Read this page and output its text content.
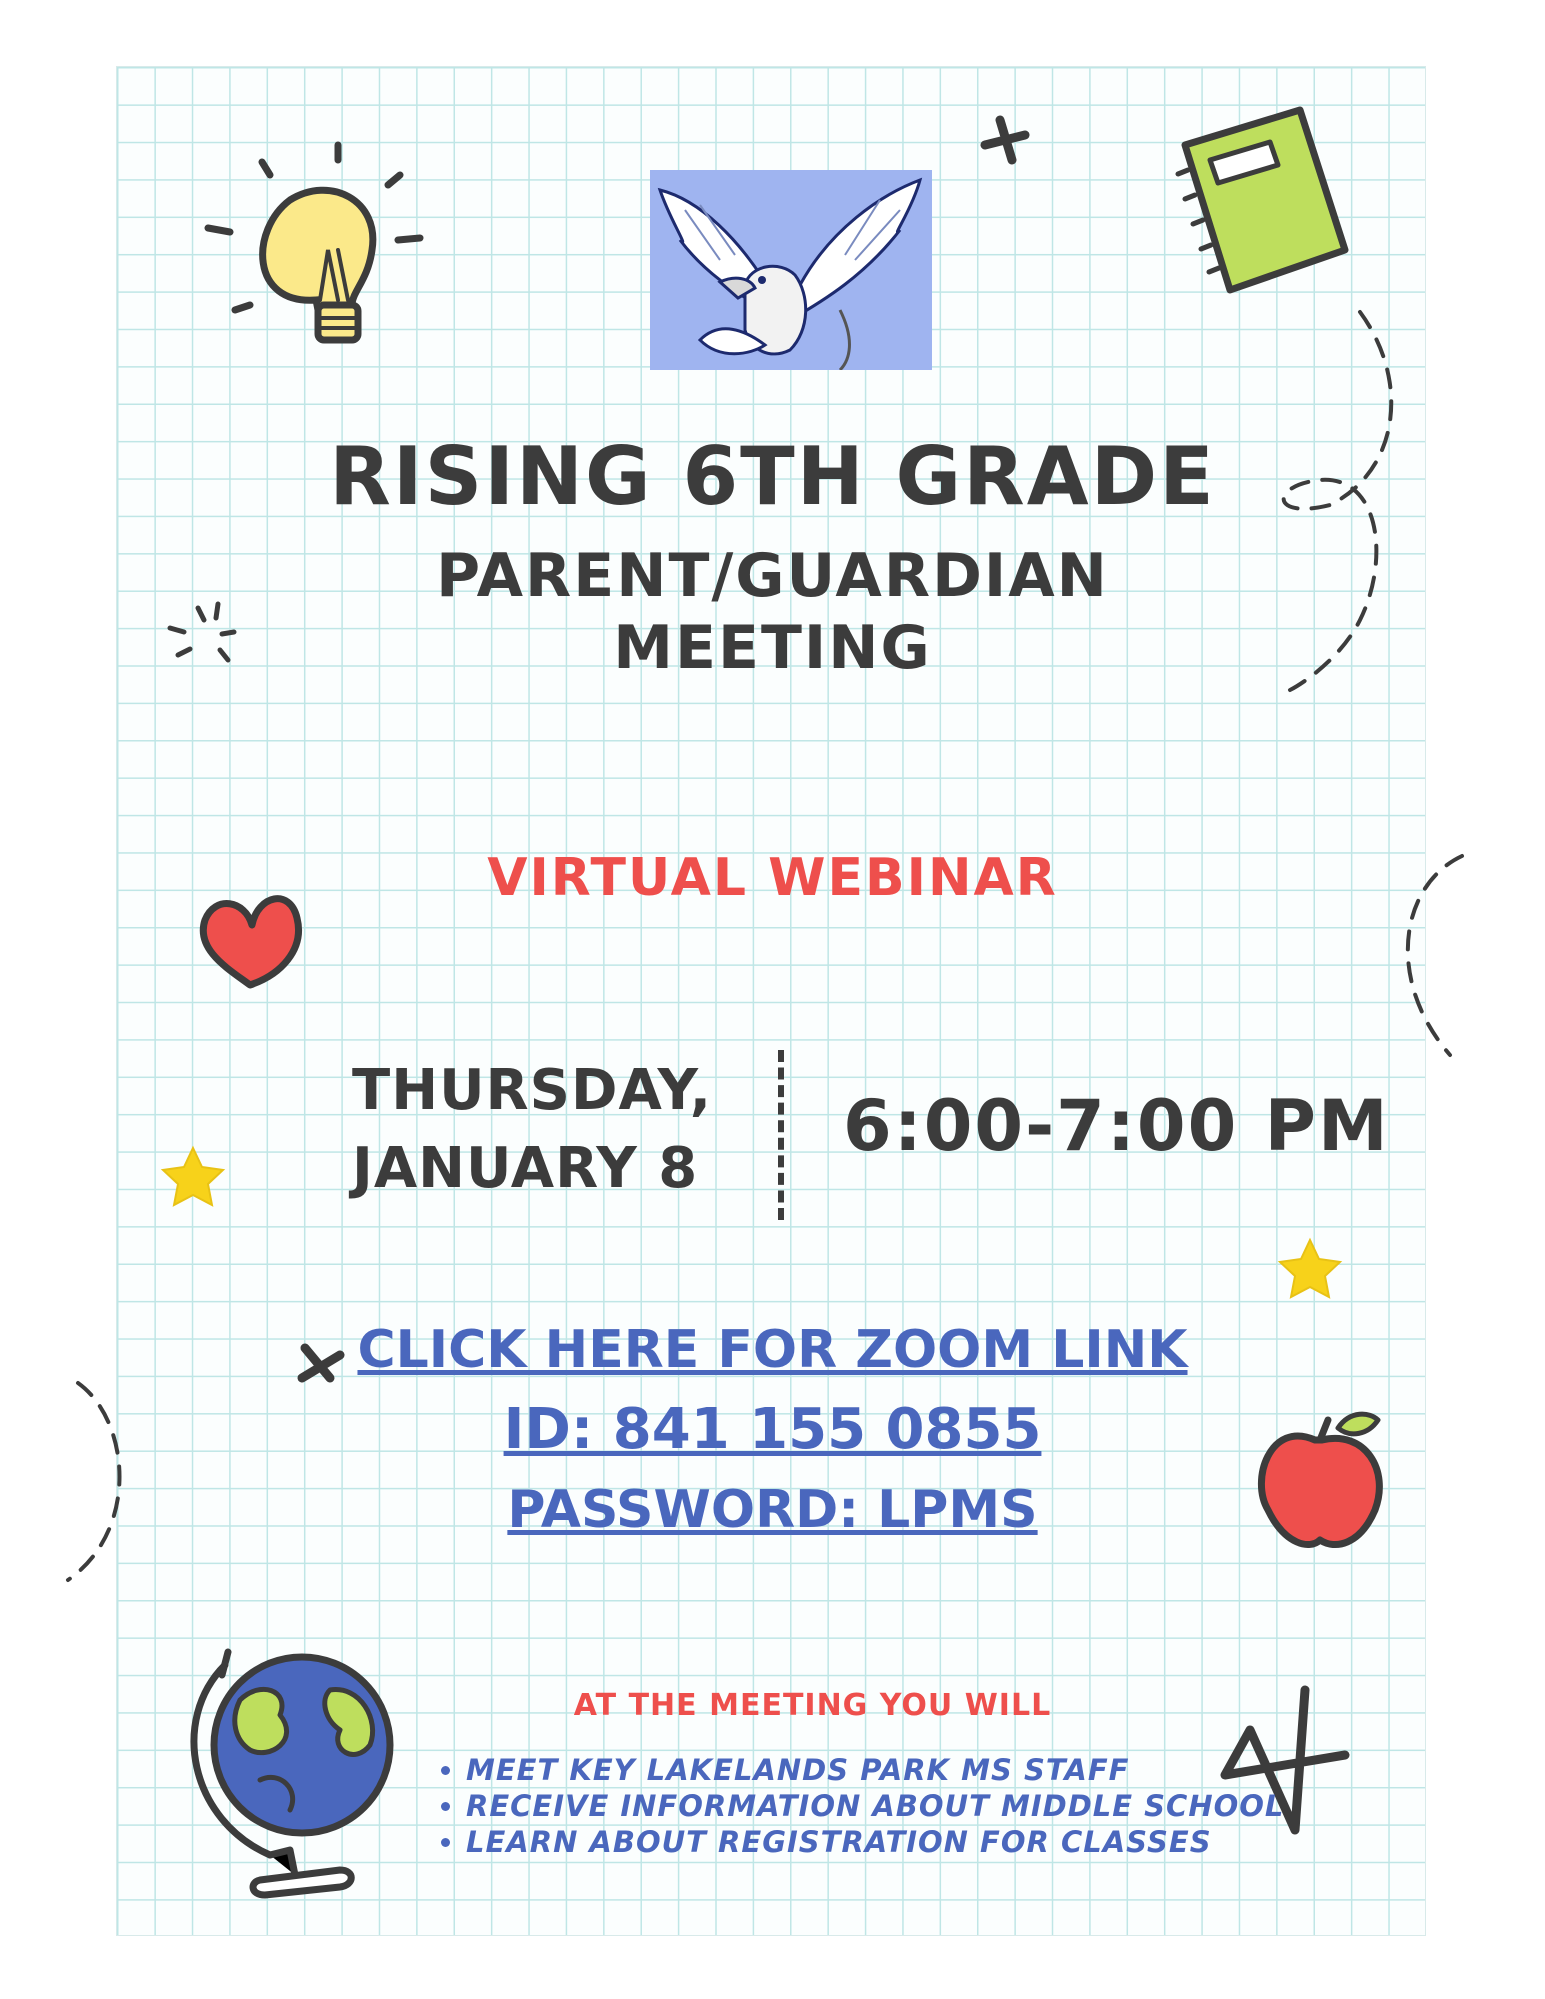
RISING 6TH GRADE
PARENT/GUARDIAN
MEETING
VIRTUAL WEBINAR
THURSDAY,
JANUARY 8
6:00-7:00 PM
CLICK HERE FOR ZOOM LINK
ID: 841 155 0855
PASSWORD: LPMS
AT THE MEETING YOU WILL
• MEET KEY LAKELANDS PARK MS STAFF
• RECEIVE INFORMATION ABOUT MIDDLE SCHOOL
• LEARN ABOUT REGISTRATION FOR CLASSES
